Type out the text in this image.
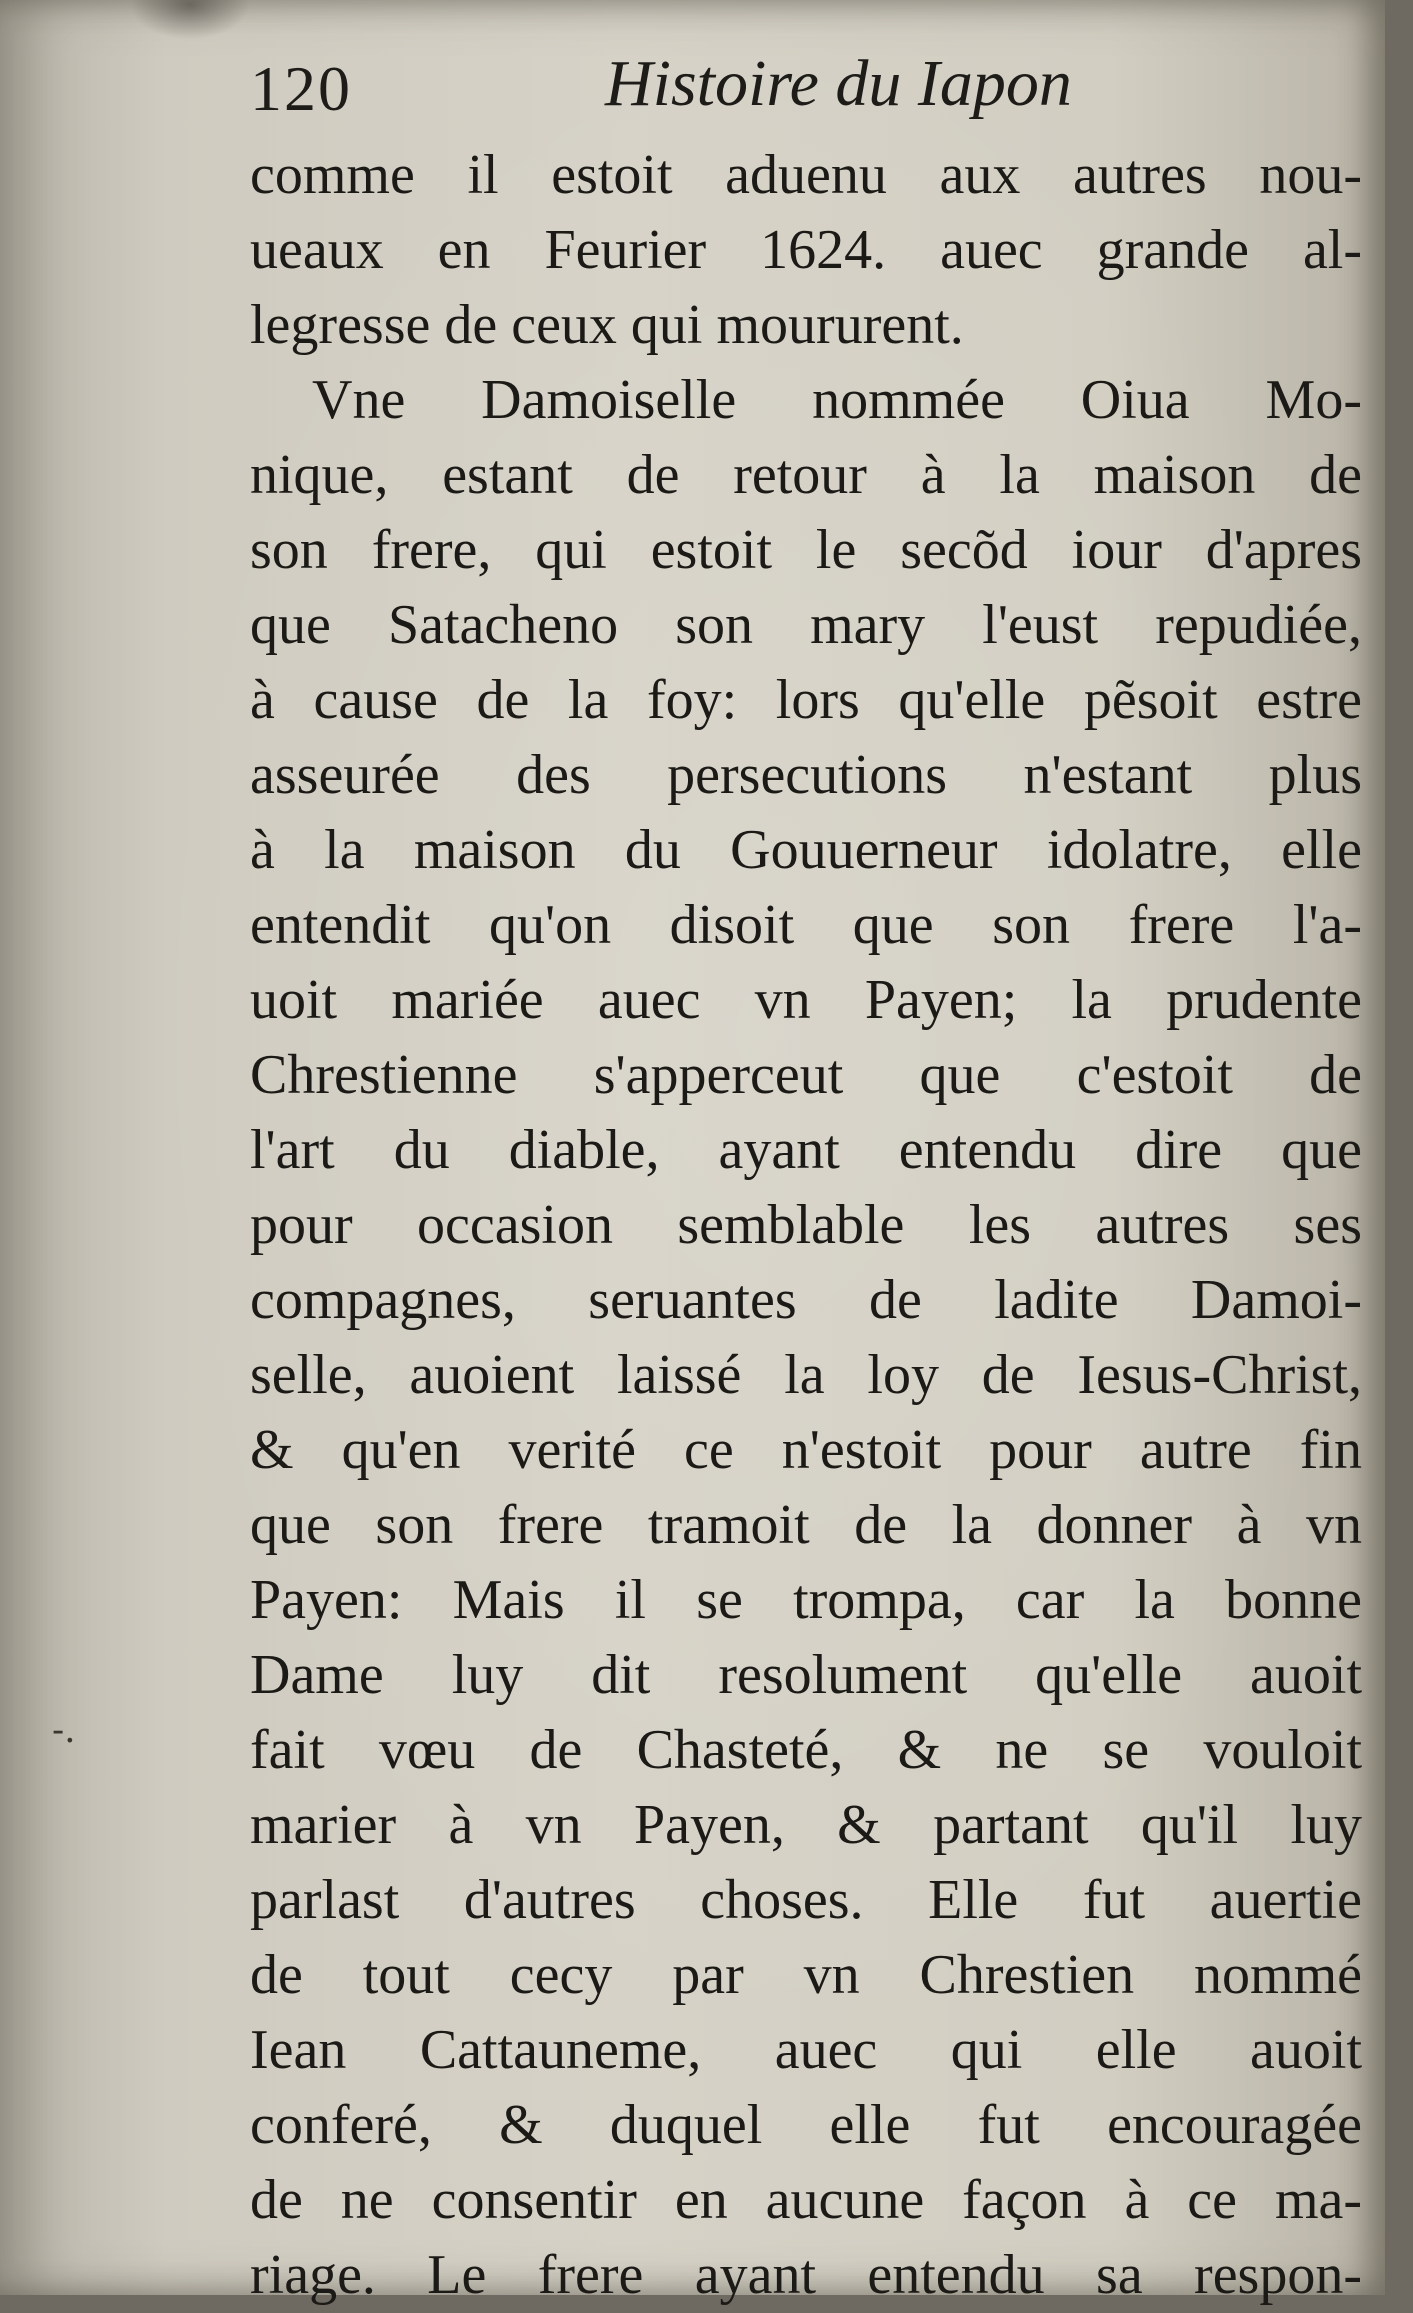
-.
120	Histoire du Iapon
comme il estoit aduenu aux autres nou-
ueaux en Feurier 1624. auec grande al-
legresse de ceux qui moururent.
Vne Damoiselle nommée Oiua Mo-
nique, estant de retour à la maison de
son frere, qui estoit le secõd iour d'apres
que Satacheno son mary l'eust repudiée,
à cause de la foy: lors qu'elle pẽsoit estre
asseurée des persecutions n'estant plus
à la maison du Gouuerneur idolatre, elle
entendit qu'on disoit que son frere l'a-
uoit mariée auec vn Payen; la prudente
Chrestienne s'apperceut que c'estoit de
l'art du diable, ayant entendu dire que
pour occasion semblable les autres ses
compagnes, seruantes de ladite Damoi-
selle, auoient laissé la loy de Iesus-Christ,
& qu'en verité ce n'estoit pour autre fin
que son frere tramoit de la donner à vn
Payen: Mais il se trompa, car la bonne
Dame luy dit resolument qu'elle auoit
fait vœu de Chasteté, & ne se vouloit
marier à vn Payen, & partant qu'il luy
parlast d'autres choses. Elle fut auertie
de tout cecy par vn Chrestien nommé
Iean Cattauneme, auec qui elle auoit
conferé, & duquel elle fut encouragée
de ne consentir en aucune façon à ce ma-
riage. Le frere ayant entendu sa respon-
